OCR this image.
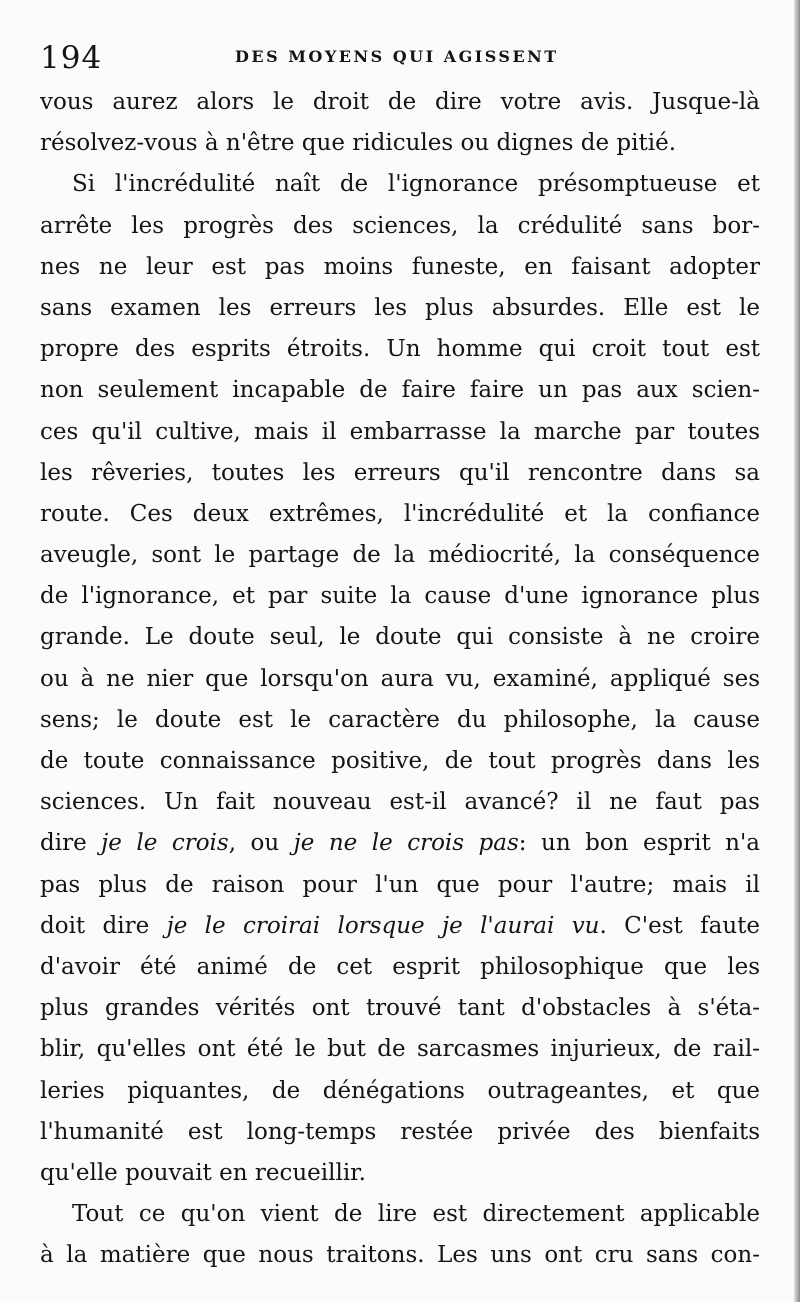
194	DES MOYENS QUI AGISSENT
vous aurez alors le droit de dire votre avis. Jusque-là
résolvez-vous à n'être que ridicules ou dignes de pitié.
Si l'incrédulité naît de l'ignorance présomptueuse et
arrête les progrès des sciences, la crédulité sans bor-
nes ne leur est pas moins funeste, en faisant adopter
sans examen les erreurs les plus absurdes. Elle est le
propre des esprits étroits. Un homme qui croit tout est
non seulement incapable de faire faire un pas aux scien-
ces qu'il cultive, mais il embarrasse la marche par toutes
les rêveries, toutes les erreurs qu'il rencontre dans sa
route. Ces deux extrêmes, l'incrédulité et la confiance
aveugle, sont le partage de la médiocrité, la conséquence
de l'ignorance, et par suite la cause d'une ignorance plus
grande. Le doute seul, le doute qui consiste à ne croire
ou à ne nier que lorsqu'on aura vu, examiné, appliqué ses
sens; le doute est le caractère du philosophe, la cause
de toute connaissance positive, de tout progrès dans les
sciences. Un fait nouveau est-il avancé? il ne faut pas
dire je le crois, ou je ne le crois pas: un bon esprit n'a
pas plus de raison pour l'un que pour l'autre; mais il
doit dire je le croirai lorsque je l'aurai vu. C'est faute
d'avoir été animé de cet esprit philosophique que les
plus grandes vérités ont trouvé tant d'obstacles à s'éta-
blir, qu'elles ont été le but de sarcasmes injurieux, de rail-
leries piquantes, de dénégations outrageantes, et que
l'humanité est long-temps restée privée des bienfaits
qu'elle pouvait en recueillir.
Tout ce qu'on vient de lire est directement applicable
à la matière que nous traitons. Les uns ont cru sans con-
